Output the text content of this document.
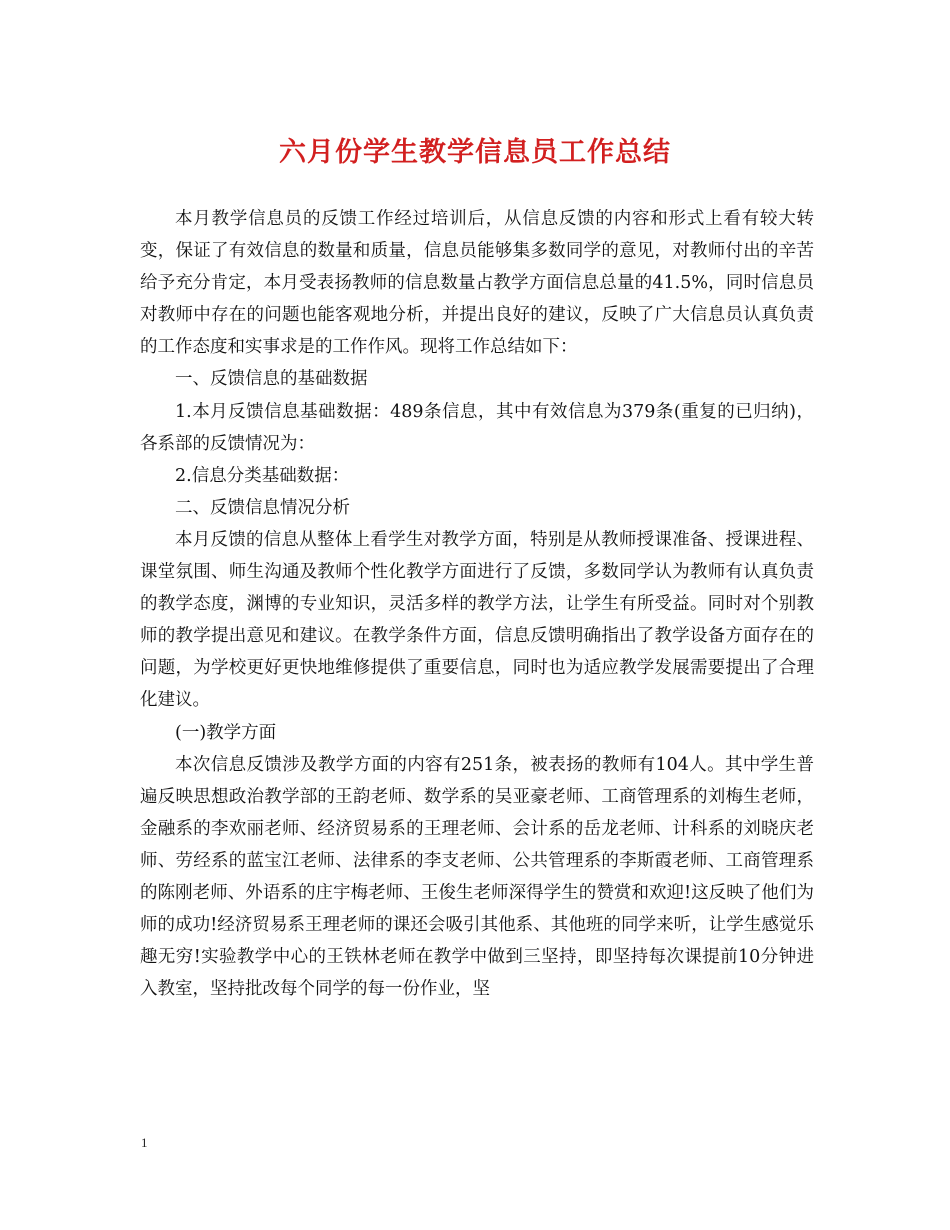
六月份学生教学信息员工作总结

本月教学信息员的反馈工作经过培训后，从信息反馈的内容和形式上看有较大转变，保证了有效信息的数量和质量，信息员能够集多数同学的意见，对教师付出的辛苦给予充分肯定，本月受表扬教师的信息数量占教学方面信息总量的41.5%，同时信息员对教师中存在的问题也能客观地分析，并提出良好的建议，反映了广大信息员认真负责的工作态度和实事求是的工作作风。现将工作总结如下：

一、反馈信息的基础数据

1.本月反馈信息基础数据：489条信息，其中有效信息为379条(重复的已归纳)，各系部的反馈情况为：

2.信息分类基础数据：

二、反馈信息情况分析

本月反馈的信息从整体上看学生对教学方面，特别是从教师授课准备、授课进程、课堂氛围、师生沟通及教师个性化教学方面进行了反馈，多数同学认为教师有认真负责的教学态度，渊博的专业知识，灵活多样的教学方法，让学生有所受益。同时对个别教师的教学提出意见和建议。在教学条件方面，信息反馈明确指出了教学设备方面存在的问题，为学校更好更快地维修提供了重要信息，同时也为适应教学发展需要提出了合理化建议。

(一)教学方面

本次信息反馈涉及教学方面的内容有251条，被表扬的教师有104人。其中学生普遍反映思想政治教学部的王韵老师、数学系的吴亚豪老师、工商管理系的刘梅生老师，金融系的李欢丽老师、经济贸易系的王理老师、会计系的岳龙老师、计科系的刘晓庆老师、劳经系的蓝宝江老师、法律系的李支老师、公共管理系的李斯霞老师、工商管理系的陈刚老师、外语系的庄宇梅老师、王俊生老师深得学生的赞赏和欢迎!这反映了他们为师的成功!经济贸易系王理老师的课还会吸引其他系、其他班的同学来听，让学生感觉乐趣无穷!实验教学中心的王铁林老师在教学中做到三坚持，即坚持每次课提前10分钟进入教室，坚持批改每个同学的每一份作业，坚

1
